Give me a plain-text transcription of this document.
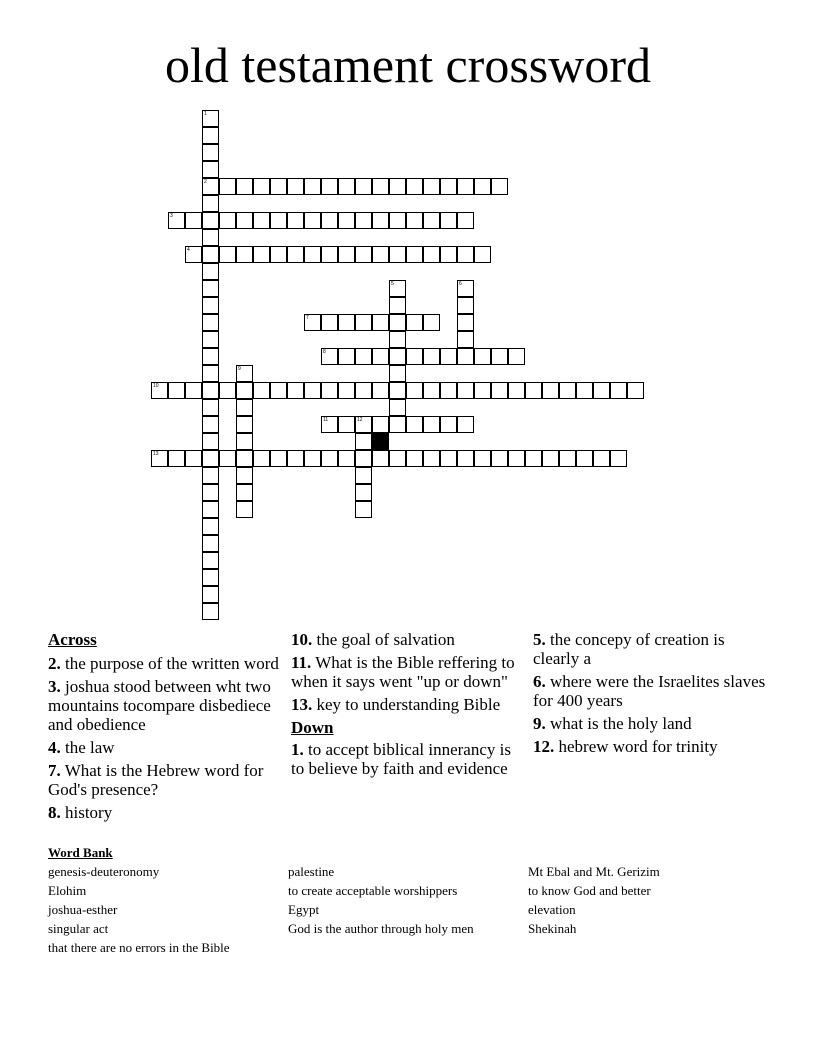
old testament crossword
1
2
3
4
5	6
7
8
9
10
11	12
13
Across
2. the purpose of the written word
3. joshua stood between wht two mountains tocompare disbediece and obedience
4. the law
7. What is the Hebrew word for God's presence?
8. history
10. the goal of salvation
11. What is the Bible reffering to when it says went "up or down"
13. key to understanding Bible
Down
1. to accept biblical innerancy is to believe by faith and evidence
5. the concepy of creation is clearly a
6. where were the Israelites slaves for 400 years
9. what is the holy land
12. hebrew word for trinity
Word Bank
genesis-deuteronomy
Elohim
joshua-esther
singular act
that there are no errors in the Bible
palestine
to create acceptable worshippers
Egypt
God is the author through holy men
Mt Ebal and Mt. Gerizim
to know God and better
elevation
Shekinah
